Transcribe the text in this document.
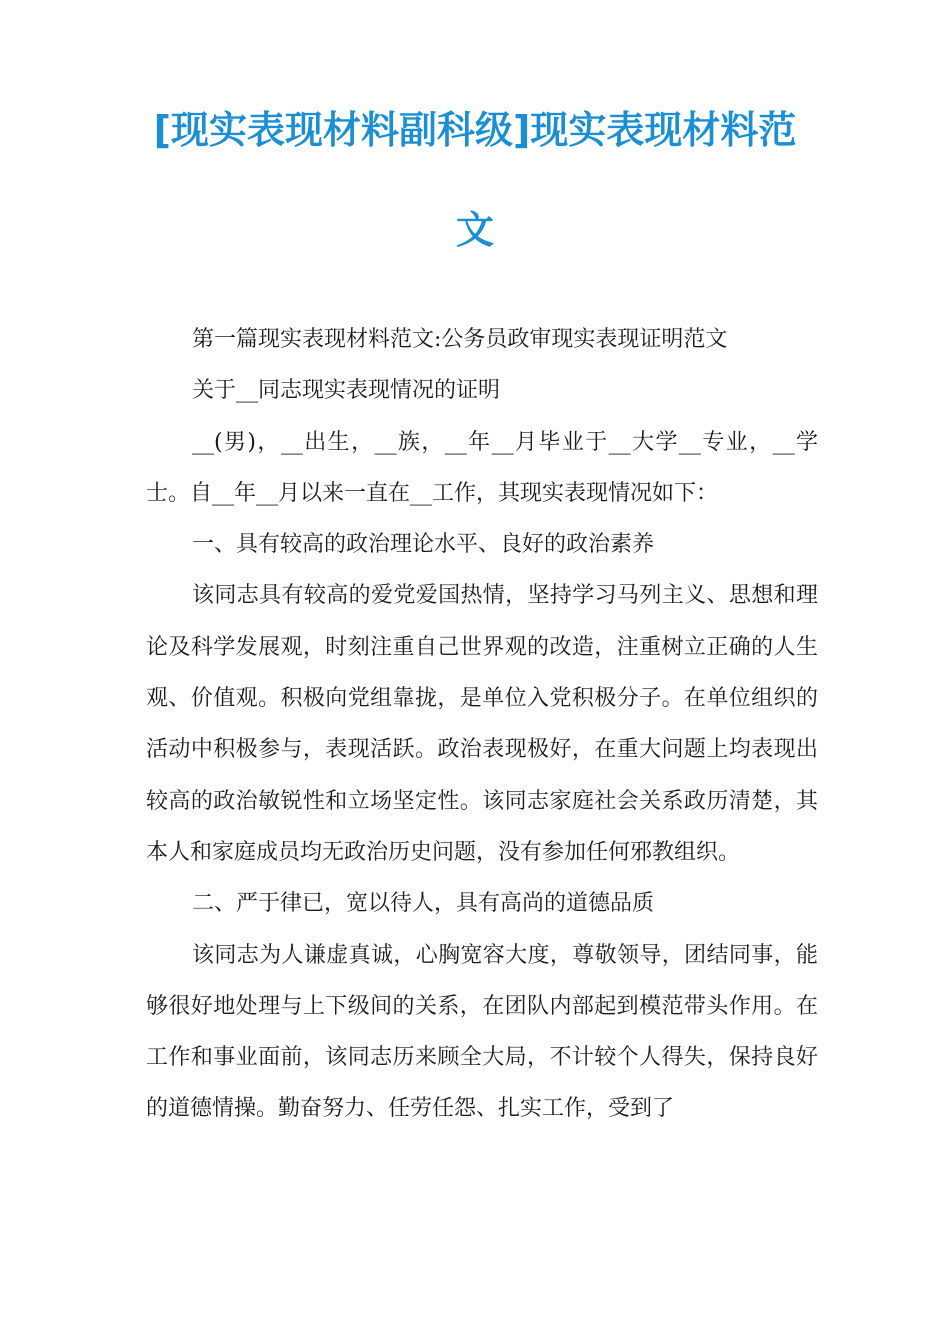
[现实表现材料副科级]现实表现材料范
文

第一篇现实表现材料范文:公务员政审现实表现证明范文

关于__同志现实表现情况的证明

__(男)，__出生，__族，__年__月毕业于__大学__专业，__学士。自__年__月以来一直在__工作，其现实表现情况如下：

一、具有较高的政治理论水平、良好的政治素养

该同志具有较高的爱党爱国热情，坚持学习马列主义、思想和理论及科学发展观，时刻注重自己世界观的改造，注重树立正确的人生观、价值观。积极向党组靠拢，是单位入党积极分子。在单位组织的活动中积极参与，表现活跃。政治表现极好，在重大问题上均表现出较高的政治敏锐性和立场坚定性。该同志家庭社会关系政历清楚，其本人和家庭成员均无政治历史问题，没有参加任何邪教组织。

二、严于律已，宽以待人，具有高尚的道德品质

该同志为人谦虚真诚，心胸宽容大度，尊敬领导，团结同事，能够很好地处理与上下级间的关系，在团队内部起到模范带头作用。在工作和事业面前，该同志历来顾全大局，不计较个人得失，保持良好的道德情操。勤奋努力、任劳任怨、扎实工作，受到了
